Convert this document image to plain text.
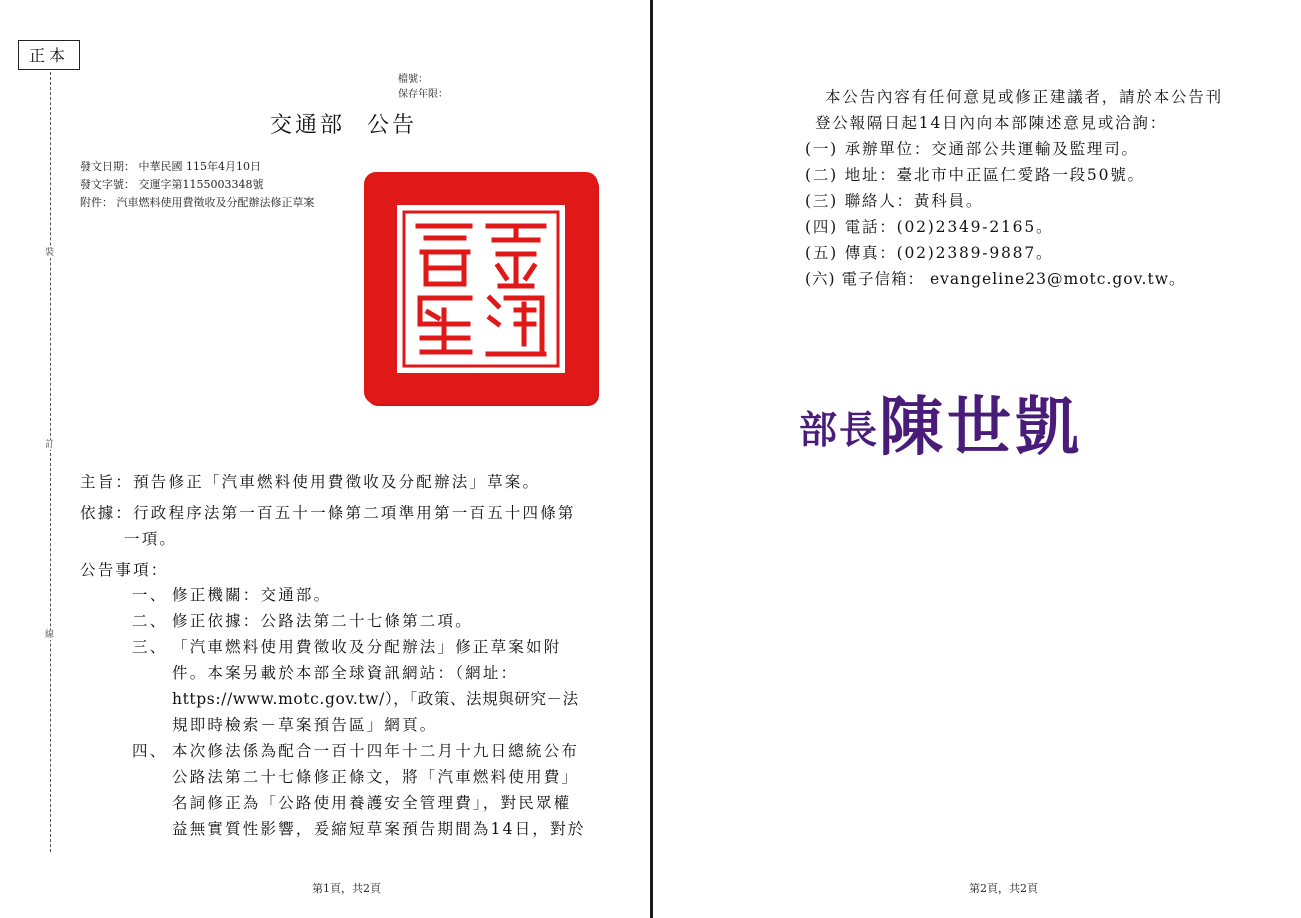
正本
裝
訂
線
檔號：
保存年限：
交通部 公告
發文日期： 中華民國 115年4月10日
發文字號： 交運字第1155003348號
附件： 汽車燃料使用費徵收及分配辦法修正草案
主旨：預告修正「汽車燃料使用費徵收及分配辦法」草案。
依據：行政程序法第一百五十一條第二項準用第一百五十四條第
一項。
公告事項：
一、 修正機關：交通部。
二、 修正依據：公路法第二十七條第二項。
三、 「汽車燃料使用費徵收及分配辦法」修正草案如附
件。本案另載於本部全球資訊網站：（網址：
https://www.motc.gov.tw/），「政策、法規與研究－法
規即時檢索－草案預告區」網頁。
四、 本次修法係為配合一百十四年十二月十九日總統公布
公路法第二十七條修正條文，將「汽車燃料使用費」
名詞修正為「公路使用養護安全管理費」，對民眾權
益無實質性影響，爰縮短草案預告期間為14日，對於
第1頁，共2頁
本公告內容有任何意見或修正建議者，請於本公告刊
登公報隔日起14日內向本部陳述意見或洽詢：
(一) 承辦單位：交通部公共運輸及監理司。
(二) 地址：臺北市中正區仁愛路一段50號。
(三) 聯絡人：黃科員。
(四) 電話：(02)2349-2165。
(五) 傳真：(02)2389-9887。
(六) 電子信箱： evangeline23@motc.gov.tw。
部長陳世凱
第2頁，共2頁
